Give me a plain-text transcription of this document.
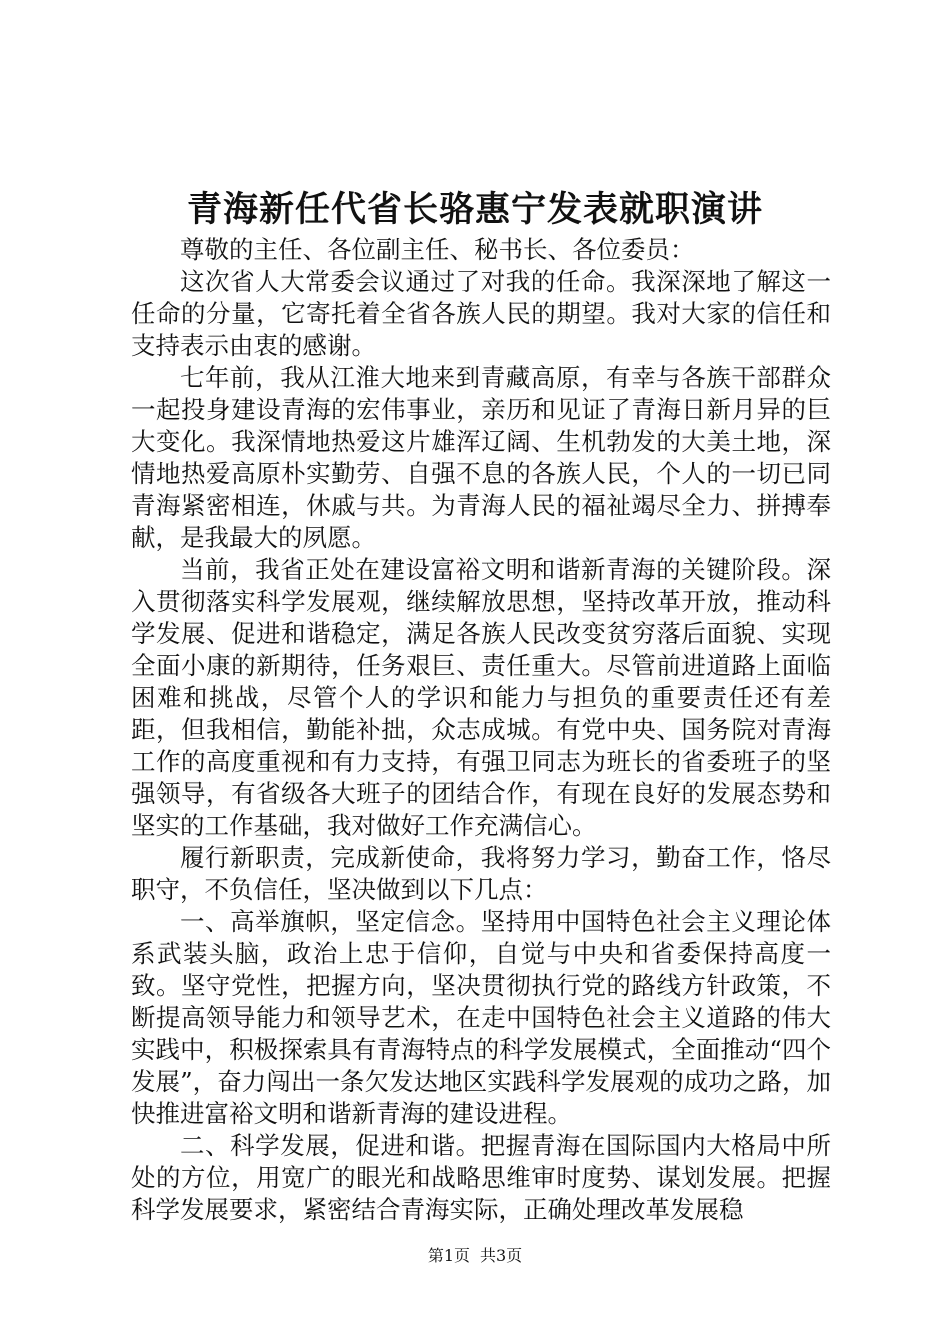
青海新任代省长骆惠宁发表就职演讲

尊敬的主任、各位副主任、秘书长、各位委员：

这次省人大常委会议通过了对我的任命。我深深地了解这一任命的分量，它寄托着全省各族人民的期望。我对大家的信任和支持表示由衷的感谢。

七年前，我从江淮大地来到青藏高原，有幸与各族干部群众一起投身建设青海的宏伟事业，亲历和见证了青海日新月异的巨大变化。我深情地热爱这片雄浑辽阔、生机勃发的大美土地，深情地热爱高原朴实勤劳、自强不息的各族人民，个人的一切已同青海紧密相连，休戚与共。为青海人民的福祉竭尽全力、拼搏奉献，是我最大的夙愿。

当前，我省正处在建设富裕文明和谐新青海的关键阶段。深入贯彻落实科学发展观，继续解放思想，坚持改革开放，推动科学发展、促进和谐稳定，满足各族人民改变贫穷落后面貌、实现全面小康的新期待，任务艰巨、责任重大。尽管前进道路上面临困难和挑战，尽管个人的学识和能力与担负的重要责任还有差距，但我相信，勤能补拙，众志成城。有党中央、国务院对青海工作的高度重视和有力支持，有强卫同志为班长的省委班子的坚强领导，有省级各大班子的团结合作，有现在良好的发展态势和坚实的工作基础，我对做好工作充满信心。

履行新职责，完成新使命，我将努力学习，勤奋工作，恪尽职守，不负信任，坚决做到以下几点：

一、高举旗帜，坚定信念。坚持用中国特色社会主义理论体系武装头脑，政治上忠于信仰，自觉与中央和省委保持高度一致。坚守党性，把握方向，坚决贯彻执行党的路线方针政策，不断提高领导能力和领导艺术，在走中国特色社会主义道路的伟大实践中，积极探索具有青海特点的科学发展模式，全面推动“四个发展”，奋力闯出一条欠发达地区实践科学发展观的成功之路，加快推进富裕文明和谐新青海的建设进程。

二、科学发展，促进和谐。把握青海在国际国内大格局中所处的方位，用宽广的眼光和战略思维审时度势、谋划发展。把握科学发展要求，紧密结合青海实际，正确处理改革发展稳

第1页 共3页
